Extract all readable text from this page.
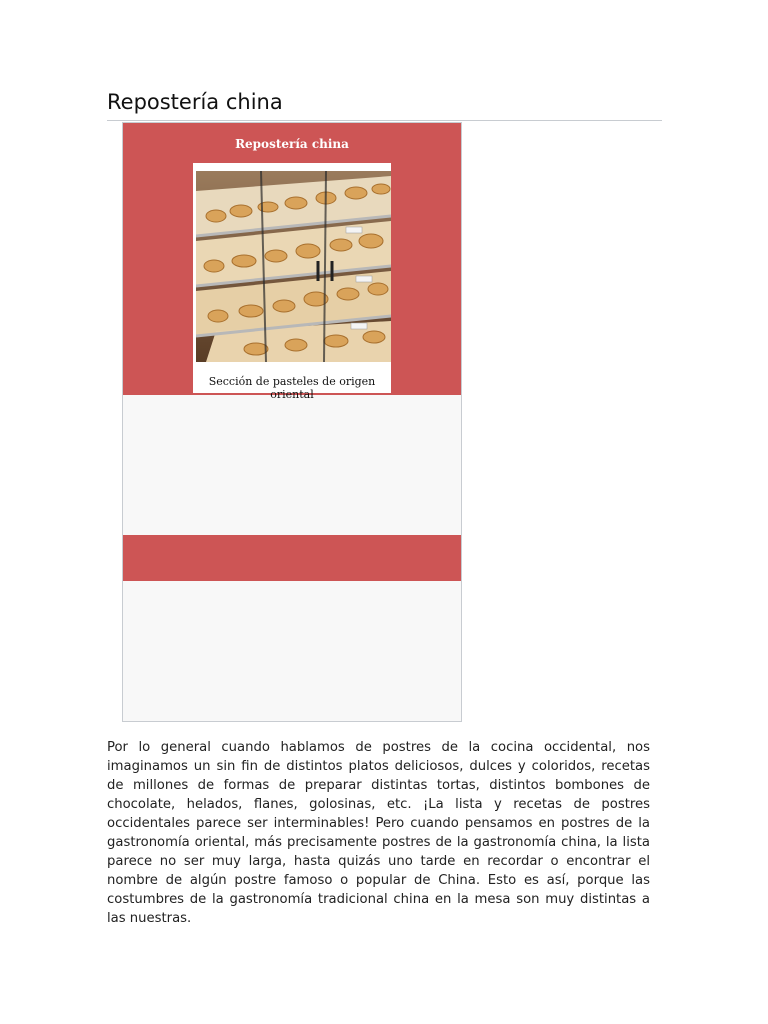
Repostería china
Repostería china
Sección de pasteles de origen oriental

Por lo general cuando hablamos de postres de la cocina occidental, nos imaginamos un sin fin de distintos platos deliciosos, dulces y coloridos, recetas de millones de formas de preparar distintas tortas, distintos bombones de chocolate, helados, flanes, golosinas, etc. ¡La lista y recetas de postres occidentales parece ser interminables! Pero cuando pensamos en postres de la gastronomía oriental, más precisamente postres de la gastronomía china, la lista parece no ser muy larga, hasta quizás uno tarde en recordar o encontrar el nombre de algún postre famoso o popular de China. Esto es así, porque las costumbres de la gastronomía tradicional china en la mesa son muy distintas a las nuestras.
